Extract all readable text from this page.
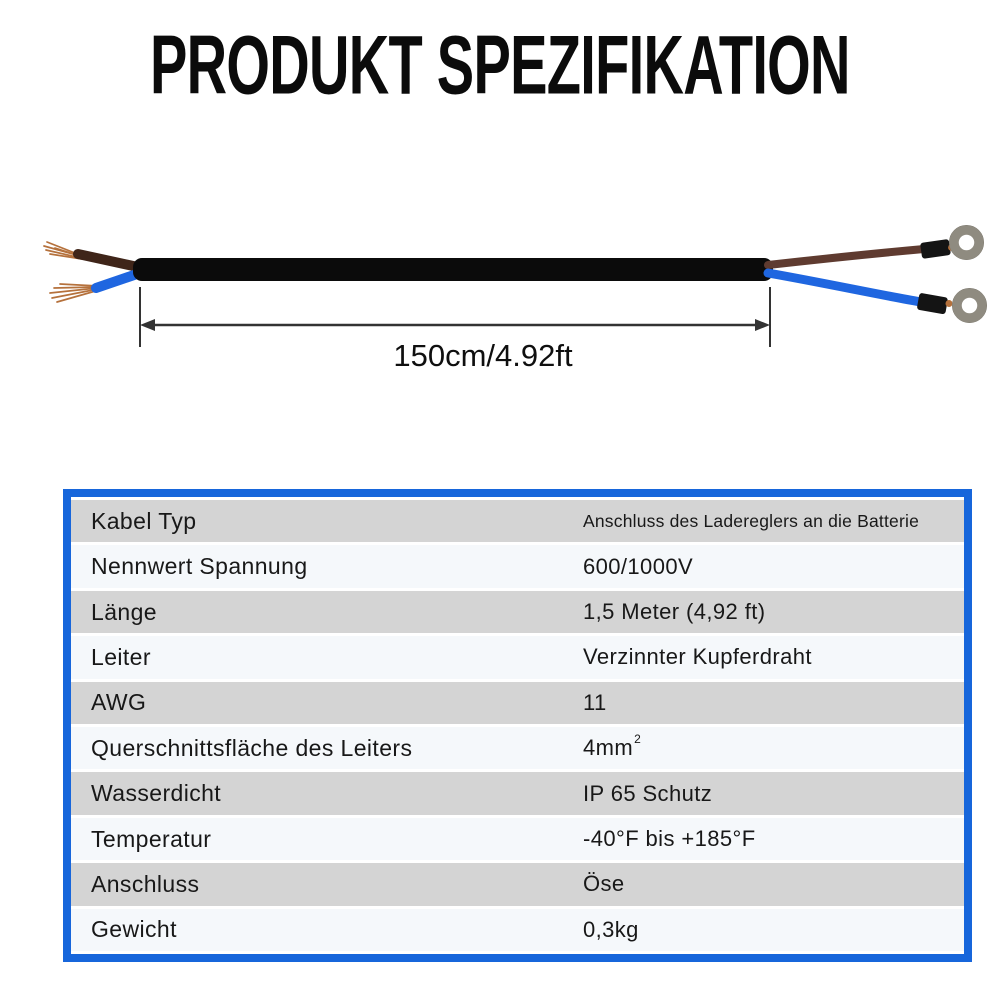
PRODUKT SPEZIFIKATION
150cm/4.92ft
Kabel Typ	Anschluss des Ladereglers an die Batterie
Nennwert Spannung	600/1000V
Länge	1,5 Meter (4,92 ft)
Leiter	Verzinnter Kupferdraht
AWG	11
Querschnittsfläche des Leiters	$4mm^2$
Wasserdicht	IP 65 Schutz
Temperatur	-40°F bis +185°F
Anschluss	Öse
Gewicht	0,3kg
